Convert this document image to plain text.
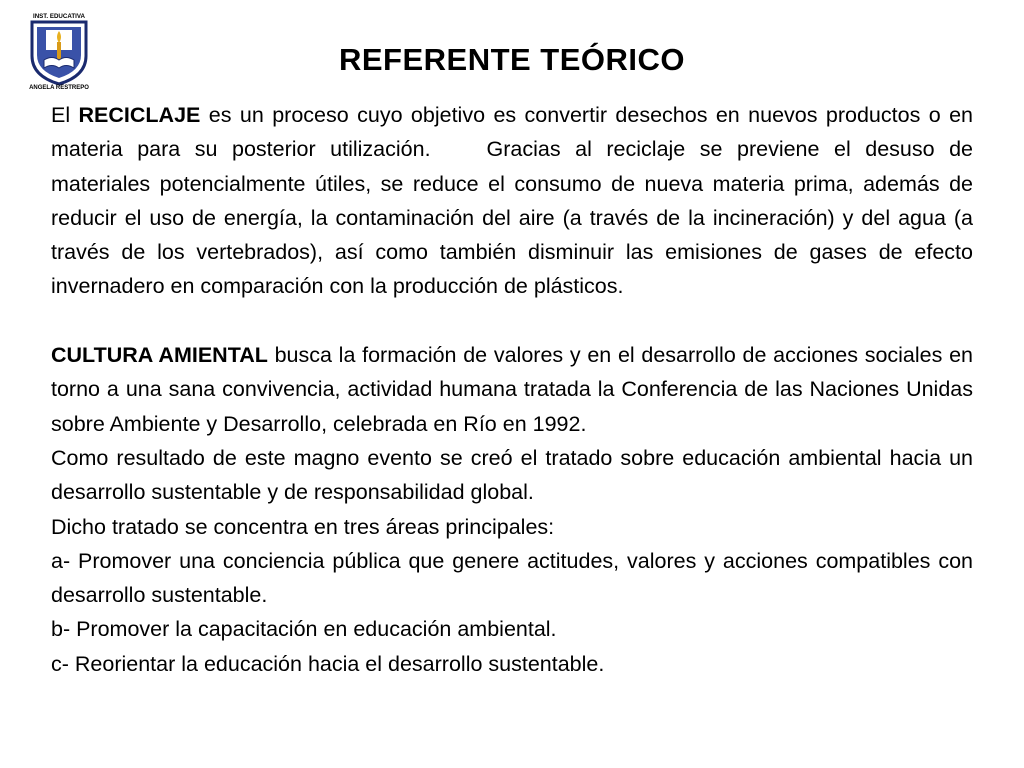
INST. EDUCATIVA
ANGELA RESTREPO
REFERENTE TEÓRICO

El RECICLAJE es un proceso cuyo objetivo es convertir desechos en nuevos productos o en materia para su posterior utilización.	Gracias al reciclaje se previene el desuso de materiales potencialmente útiles, se reduce el consumo de nueva materia prima, además de reducir el uso de energía, la contaminación del aire (a través de la incineración) y del agua (a través de los vertebrados), así como también disminuir las emisiones de gases de efecto invernadero en comparación con la producción de plásticos.

CULTURA AMIENTAL busca la formación de valores y en el desarrollo de acciones sociales en torno a una sana convivencia, actividad humana tratada la Conferencia de las Naciones Unidas sobre Ambiente y Desarrollo, celebrada en Río en 1992.

Como resultado de este magno evento se creó el tratado sobre educación ambiental hacia un desarrollo sustentable y de responsabilidad global.

Dicho tratado se concentra en tres áreas principales:

a- Promover una conciencia pública que genere actitudes, valores y acciones compatibles con desarrollo sustentable.

b- Promover la capacitación en educación ambiental.

c- Reorientar la educación hacia el desarrollo sustentable.
